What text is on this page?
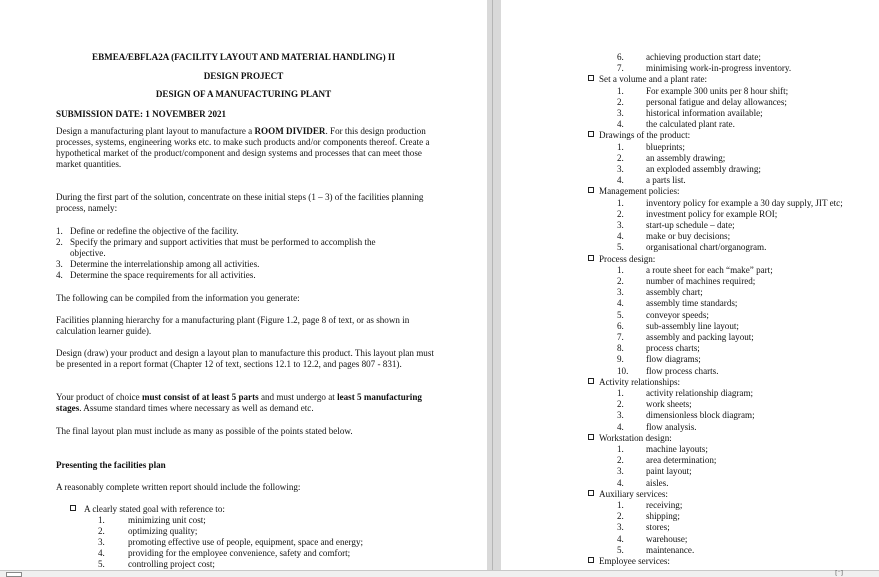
EBMEA/EBFLA2A (FACILITY LAYOUT AND MATERIAL HANDLING) II
DESIGN PROJECT
DESIGN OF A MANUFACTURING PLANT
SUBMISSION DATE: 1 NOVEMBER 2021
Design a manufacturing plant layout to manufacture a ROOM DIVIDER. For this design production processes, systems, engineering works etc. to make such products and/or components thereof. Create a hypothetical market of the product/component and design systems and processes that can meet those market quantities.
During the first part of the solution, concentrate on these initial steps (1 – 3) of the facilities planning process, namely:
1. Define or redefine the objective of the facility.
2. Specify the primary and support activities that must be performed to accomplish the
objective.
3. Determine the interrelationship among all activities.
4. Determine the space requirements for all activities.
The following can be compiled from the information you generate:
Facilities planning hierarchy for a manufacturing plant (Figure 1.2, page 8 of text, or as shown in calculation learner guide).
Design (draw) your product and design a layout plan to manufacture this product. This layout plan must be presented in a report format (Chapter 12 of text, sections 12.1 to 12.2, and pages 807 - 831).
Your product of choice must consist of at least 5 parts and must undergo at least 5 manufacturing stages. Assume standard times where necessary as well as demand etc.
The final layout plan must include as many as possible of the points stated below.
Presenting the facilities plan
A reasonably complete written report should include the following:
A clearly stated goal with reference to:
1.	minimizing unit cost;
2.	optimizing quality;
3.	promoting effective use of people, equipment, space and energy;
4.	providing for the employee convenience, safety and comfort;
5.	controlling project cost;
6. achieving production start date;
7. minimising work-in-progress inventory.
Set a volume and a plant rate:
1. For example 300 units per 8 hour shift;
2. personal fatigue and delay allowances;
3. historical information available;
4. the calculated plant rate.
Drawings of the product:
1. blueprints;
2. an assembly drawing;
3. an exploded assembly drawing;
4. a parts list.
Management policies:
1. inventory policy for example a 30 day supply, JIT etc;
2. investment policy for example ROI;
3. start-up schedule – date;
4. make or buy decisions;
5. organisational chart/organogram.
Process design:
1. a route sheet for each “make” part;
2. number of machines required;
3. assembly chart;
4. assembly time standards;
5. conveyor speeds;
6. sub-assembly line layout;
7. assembly and packing layout;
8. process charts;
9. flow diagrams;
10. flow process charts.
Activity relationships:
1. activity relationship diagram;
2. work sheets;
3. dimensionless block diagram;
4. flow analysis.
Workstation design:
1. machine layouts;
2. area determination;
3. paint layout;
4. aisles.
Auxiliary services:
1. receiving;
2. shipping;
3. stores;
4. warehouse;
5. maintenance.
Employee services:
[⁻]
